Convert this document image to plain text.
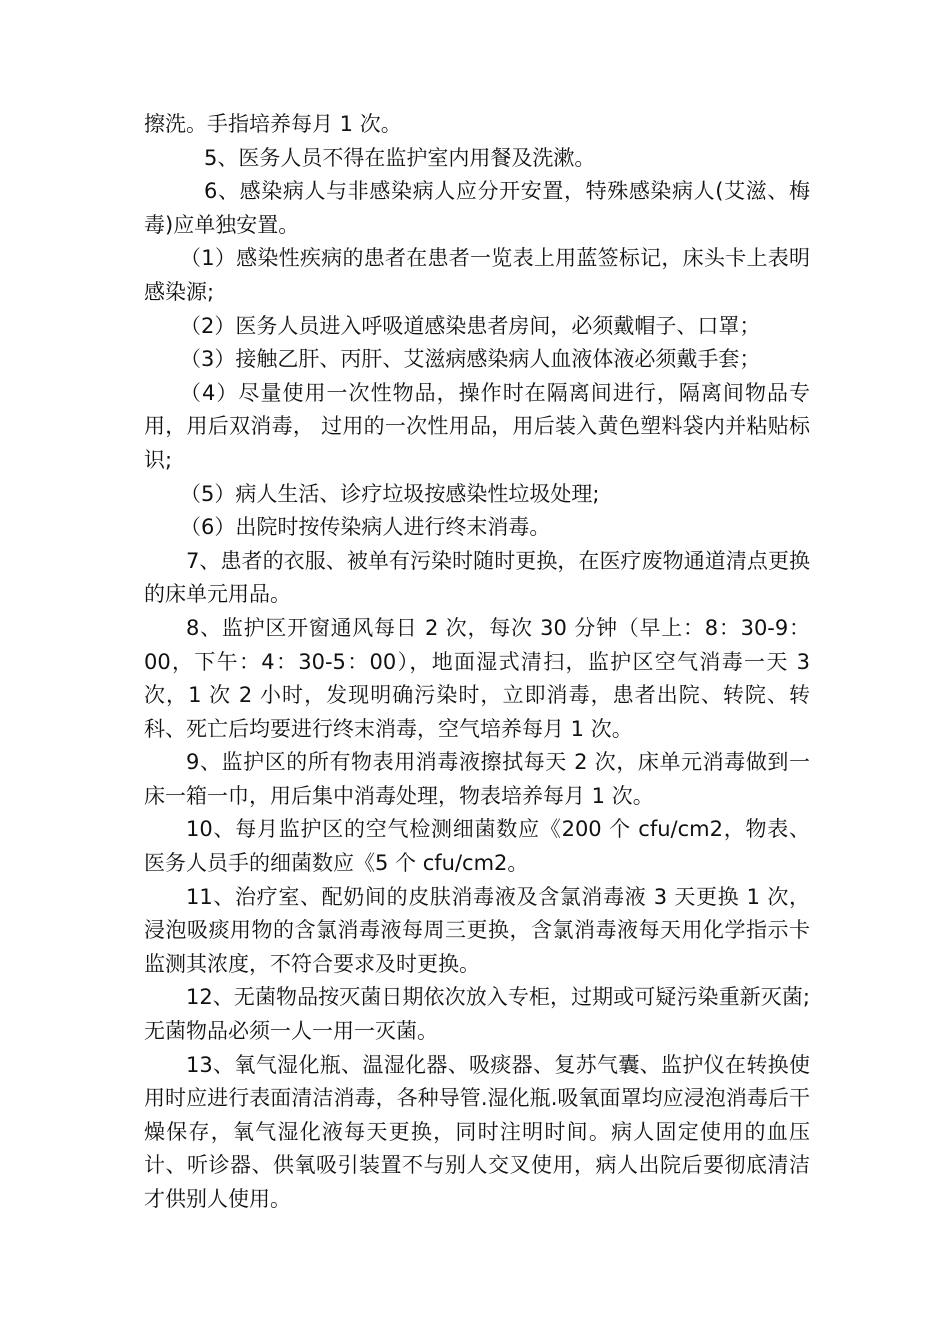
擦洗。手指培养每月 1 次。

5、医务人员不得在监护室内用餐及洗漱。

6、感染病人与非感染病人应分开安置，特殊感染病人(艾滋、梅毒)应单独安置。

（1）感染性疾病的患者在患者一览表上用蓝签标记，床头卡上表明感染源;

（2）医务人员进入呼吸道感染患者房间，必须戴帽子、口罩；

（3）接触乙肝、丙肝、艾滋病感染病人血液体液必须戴手套；

（4）尽量使用一次性物品，操作时在隔离间进行，隔离间物品专用，用后双消毒， 过用的一次性用品，用后装入黄色塑料袋内并粘贴标识;

（5）病人生活、诊疗垃圾按感染性垃圾处理;

（6）出院时按传染病人进行终末消毒。

7、患者的衣服、被单有污染时随时更换，在医疗废物通道清点更换的床单元用品。

8、监护区开窗通风每日 2 次，每次 30 分钟（早上：8：30-9：00，下午：4：30-5：00），地面湿式清扫，监护区空气消毒一天 3 次，1 次 2 小时，发现明确污染时，立即消毒，患者出院、转院、转科、死亡后均要进行终末消毒，空气培养每月 1 次。

9、监护区的所有物表用消毒液擦拭每天 2 次，床单元消毒做到一床一箱一巾，用后集中消毒处理，物表培养每月 1 次。

10、每月监护区的空气检测细菌数应《200 个 cfu/cm2，物表、医务人员手的细菌数应《5 个 cfu/cm2。

11、治疗室、配奶间的皮肤消毒液及含氯消毒液 3 天更换 1 次，浸泡吸痰用物的含氯消毒液每周三更换，含氯消毒液每天用化学指示卡监测其浓度，不符合要求及时更换。

12、无菌物品按灭菌日期依次放入专柜，过期或可疑污染重新灭菌;无菌物品必须一人一用一灭菌。

13、氧气湿化瓶、温湿化器、吸痰器、复苏气囊、监护仪在转换使用时应进行表面清洁消毒，各种导管.湿化瓶.吸氧面罩均应浸泡消毒后干燥保存，氧气湿化液每天更换，同时注明时间。病人固定使用的血压计、听诊器、供氧吸引装置不与别人交叉使用，病人出院后要彻底清洁才供别人使用。
